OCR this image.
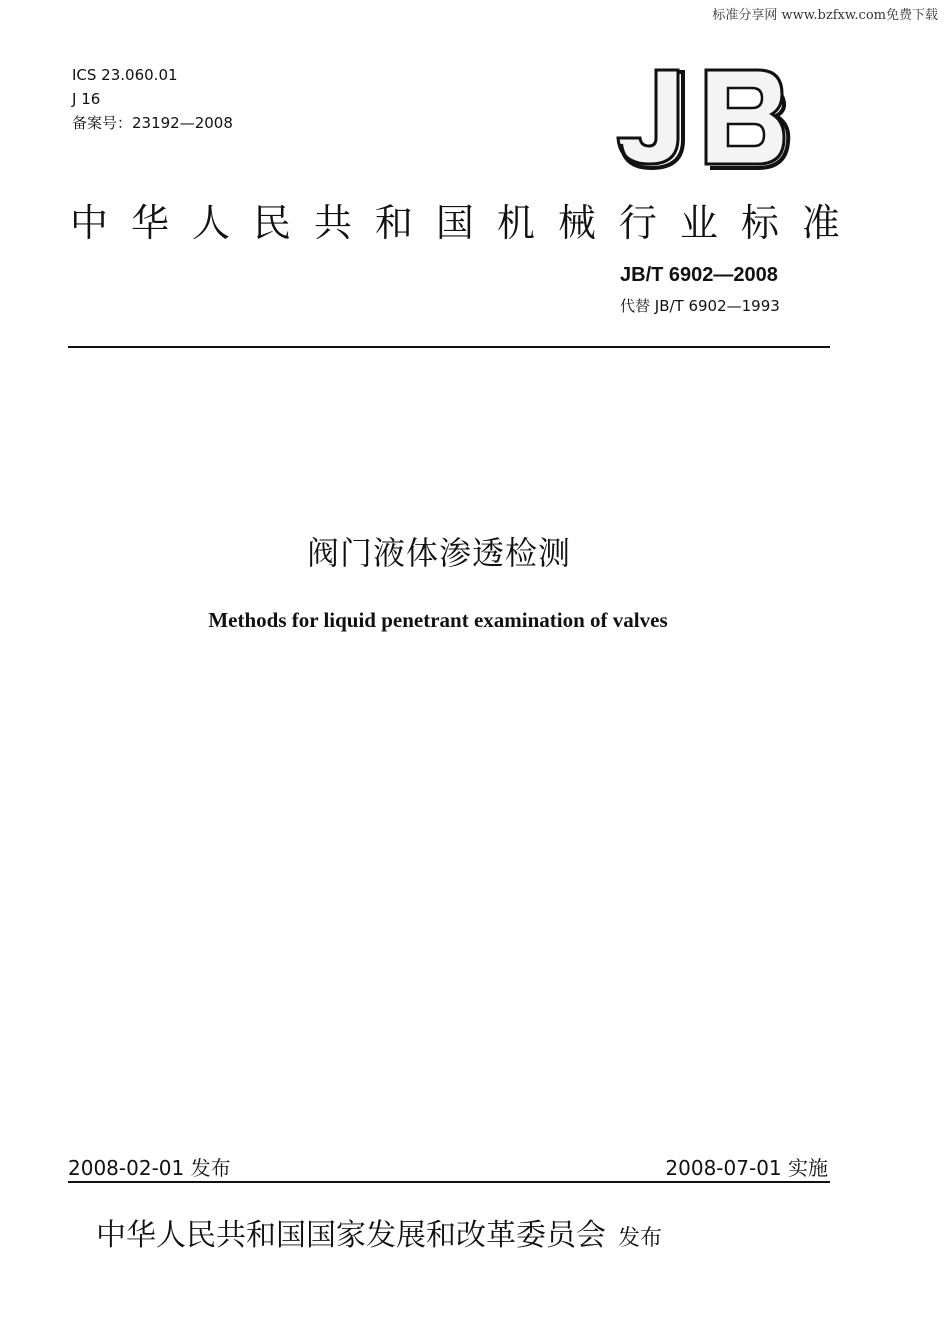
标准分享网 www.bzfxw.com免费下载
ICS 23.060.01
J 16
备案号：23192—2008
中 华 人 民 共 和 国 机 械 行 业 标 准
JB/T 6902—2008
代替 JB/T 6902—1993
阀门液体渗透检测
Methods for liquid penetrant examination of valves
2008-02-01 发布	2008-07-01 实施
中华人民共和国国家发展和改革委员会 发布
